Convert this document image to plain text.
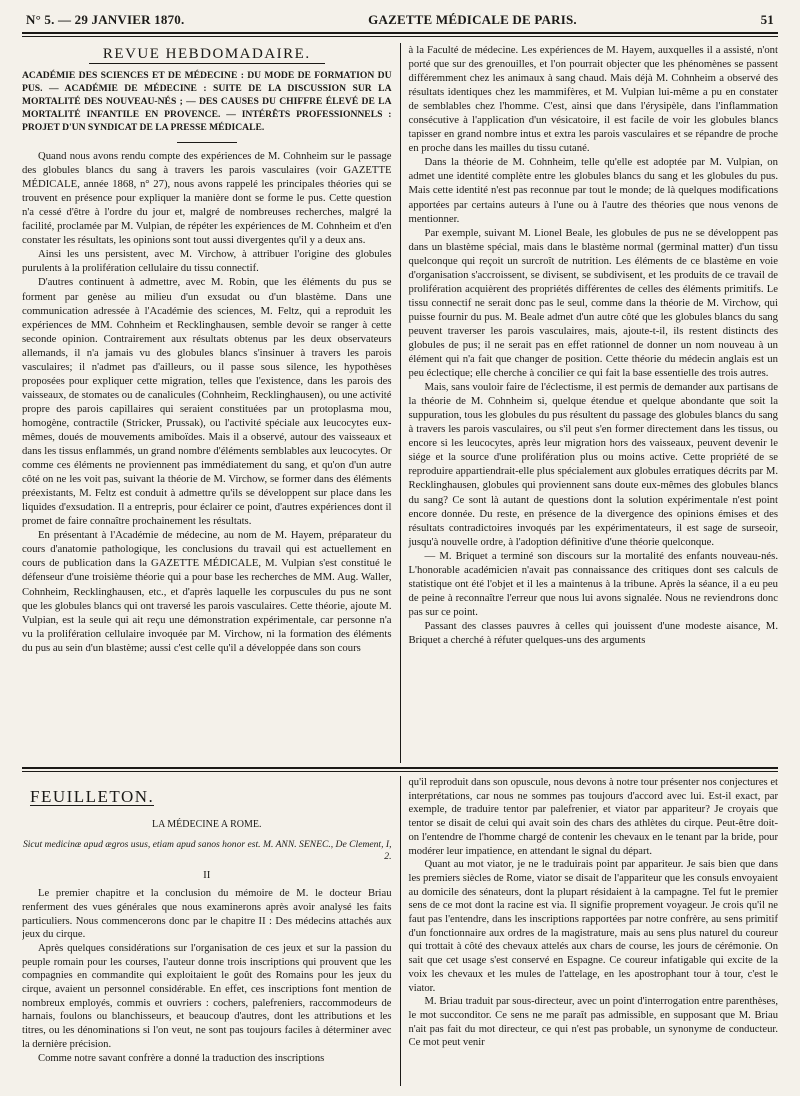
N° 5. — 29 JANVIER 1870.	GAZETTE MÉDICALE DE PARIS.	51
REVUE HEBDOMADAIRE.
ACADÉMIE DES SCIENCES ET DE MÉDECINE : DU MODE DE FORMATION DU PUS. — ACADÉMIE DE MÉDECINE : SUITE DE LA DISCUSSION SUR LA MORTALITÉ DES NOUVEAU-NÉS ; — DES CAUSES DU CHIFFRE ÉLEVÉ DE LA MORTALITÉ INFANTILE EN PROVENCE. — INTÉRÊTS PROFESSIONNELS : PROJET D'UN SYNDICAT DE LA PRESSE MÉDICALE.

Quand nous avons rendu compte des expériences de M. Cohnheim sur le passage des globules blancs du sang à travers les parois vasculaires (voir GAZETTE MÉDICALE, année 1868, n° 27), nous avons rappelé les principales théories qui se trouvent en présence pour expliquer la manière dont se forme le pus. Cette question n'a cessé d'être à l'ordre du jour et, malgré de nombreuses recherches, malgré la facilité, proclamée par M. Vulpian, de répéter les expériences de M. Cohnheim et d'en constater les résultats, les opinions sont tout aussi divergentes qu'il y a deux ans.

Ainsi les uns persistent, avec M. Virchow, à attribuer l'origine des globules purulents à la prolifération cellulaire du tissu connectif.

D'autres continuent à admettre, avec M. Robin, que les éléments du pus se forment par genèse au milieu d'un exsudat ou d'un blastème. Dans une communication adressée à l'Académie des sciences, M. Feltz, qui a reproduit les expériences de MM. Cohnheim et Recklinghausen, semble devoir se ranger à cette seconde opinion. Contrairement aux résultats obtenus par les deux observateurs allemands, il n'a jamais vu des globules blancs s'insinuer à travers les parois vasculaires; il n'admet pas d'ailleurs, ou il passe sous silence, les hypothèses proposées pour expliquer cette migration, telles que l'existence, dans les parois des vaisseaux, de stomates ou de canalicules (Cohnheim, Recklinghausen), ou une activité propre des parois capillaires qui seraient constituées par un protoplasma mou, homogène, contractile (Stricker, Prussak), ou l'activité spéciale aux leucocytes eux-mêmes, doués de mouvements amiboïdes. Mais il a observé, autour des vaisseaux et dans les tissus enflammés, un grand nombre d'éléments semblables aux leucocytes. Or comme ces éléments ne proviennent pas immédiatement du sang, et qu'on d'un autre côté on ne les voit pas, suivant la théorie de M. Virchow, se former dans des éléments préexistants, M. Feltz est conduit à admettre qu'ils se développent sur place dans les liquides d'exsudation. Il a entrepris, pour éclairer ce point, d'autres expériences dont il promet de faire connaître prochainement les résultats.

En présentant à l'Académie de médecine, au nom de M. Hayem, préparateur du cours d'anatomie pathologique, les conclusions du travail qui est actuellement en cours de publication dans la GAZETTE MÉDICALE, M. Vulpian s'est constitué le défenseur d'une troisième théorie qui a pour base les recherches de MM. Aug. Waller, Cohnheim, Recklinghausen, etc., et d'après laquelle les corpuscules du pus ne sont que les globules blancs qui ont traversé les parois vasculaires. Cette théorie, ajoute M. Vulpian, est la seule qui ait reçu une démonstration expérimentale, car personne n'a vu la prolifération cellulaire invoquée par M. Virchow, ni la formation des éléments du pus au sein d'un blastème; aussi c'est celle qu'il a développée dans son cours

à la Faculté de médecine. Les expériences de M. Hayem, auxquelles il a assisté, n'ont porté que sur des grenouilles, et l'on pourrait objecter que les phénomènes se passent différemment chez les animaux à sang chaud. Mais déjà M. Cohnheim a observé des résultats identiques chez les mammifères, et M. Vulpian lui-même a pu en constater de semblables chez l'homme. C'est, ainsi que dans l'érysipèle, dans l'inflammation consécutive à l'application d'un vésicatoire, il est facile de voir les globules blancs tapisser en grand nombre intus et extra les parois vasculaires et se répandre de proche en proche dans les mailles du tissu cutané.

Dans la théorie de M. Cohnheim, telle qu'elle est adoptée par M. Vulpian, on admet une identité complète entre les globules blancs du sang et les globules du pus. Mais cette identité n'est pas reconnue par tout le monde; de là quelques modifications apportées par certains auteurs à l'une ou à l'autre des théories que nous venons de mentionner.

Par exemple, suivant M. Lionel Beale, les globules de pus ne se développent pas dans un blastème spécial, mais dans le blastème normal (germinal matter) d'un tissu quelconque qui reçoit un surcroît de nutrition. Les éléments de ce blastème en voie d'organisation s'accroissent, se divisent, se subdivisent, et les produits de ce travail de prolifération acquièrent des propriétés différentes de celles des éléments primitifs. Le tissu connectif ne serait donc pas le seul, comme dans la théorie de M. Virchow, qui puisse fournir du pus. M. Beale admet d'un autre côté que les globules blancs du sang peuvent traverser les parois vasculaires, mais, ajoute-t-il, ils restent distincts des globules de pus; il ne serait pas en effet rationnel de donner un nom nouveau à un élément qui n'a fait que changer de position. Cette théorie du médecin anglais est un peu éclectique; elle cherche à concilier ce qui fait la base essentielle des trois autres.

Mais, sans vouloir faire de l'éclectisme, il est permis de demander aux partisans de la théorie de M. Cohnheim si, quelque étendue et quelque abondante que soit la suppuration, tous les globules du pus résultent du passage des globules blancs du sang à travers les parois vasculaires, ou s'il peut s'en former directement dans les tissus, ou encore si les leucocytes, après leur migration hors des vaisseaux, peuvent devenir le siége et la source d'une prolifération plus ou moins active. Cette propriété de se reproduire appartiendrait-elle plus spécialement aux globules erratiques décrits par M. Recklinghausen, globules qui proviennent sans doute eux-mêmes des globules blancs du sang? Ce sont là autant de questions dont la solution expérimentale n'est point encore donnée. Du reste, en présence de la divergence des opinions émises et des résultats contradictoires invoqués par les expérimentateurs, il est sage de surseoir, jusqu'à nouvelle ordre, à l'adoption définitive d'une théorie quelconque.

— M. Briquet a terminé son discours sur la mortalité des enfants nouveau-nés. L'honorable académicien n'avait pas connaissance des critiques dont ses calculs de statistique ont été l'objet et il les a maintenus à la tribune. Après la séance, il a eu peu de peine à reconnaître l'erreur que nous lui avons signalée. Nous ne reviendrons donc pas sur ce point.

Passant des classes pauvres à celles qui jouissent d'une modeste aisance, M. Briquet a cherché à réfuter quelques-uns des arguments

FEUILLETON.
LA MÉDECINE A ROME.
Sicut medicinæ apud ægros usus, etiam apud sanos honor est. M. ANN. SENEC., De Clement, I, 2.
II

Le premier chapitre et la conclusion du mémoire de M. le docteur Briau renferment des vues générales que nous examinerons après avoir analysé les faits particuliers. Nous commencerons donc par le chapitre II : Des médecins attachés aux jeux du cirque.

Après quelques considérations sur l'organisation de ces jeux et sur la passion du peuple romain pour les courses, l'auteur donne trois inscriptions qui prouvent que les compagnies en commandite qui exploitaient le goût des Romains pour les jeux du cirque, avaient un personnel considérable. En effet, ces inscriptions font mention de nombreux employés, commis et ouvriers : cochers, palefreniers, raccommodeurs de harnais, foulons ou blanchisseurs, et beaucoup d'autres, dont les attributions et les titres, ou les dénominations si l'on veut, ne sont pas toujours faciles à déterminer avec la dernière précision.

Comme notre savant confrère a donné la traduction des inscriptions

qu'il reproduit dans son opuscule, nous devons à notre tour présenter nos conjectures et interprétations, car nous ne sommes pas toujours d'accord avec lui. Est-il exact, par exemple, de traduire tentor par palefrenier, et viator par appariteur? Je croyais que tentor se disait de celui qui avait soin des chars des athlètes du cirque. Peut-être doit-on l'entendre de l'homme chargé de contenir les chevaux en le tenant par la bride, pour modérer leur impatience, en attendant le signal du départ.

Quant au mot viator, je ne le traduirais point par appariteur. Je sais bien que dans les premiers siècles de Rome, viator se disait de l'appariteur que les consuls envoyaient au domicile des sénateurs, dont la plupart résidaient à la campagne. Tel fut le premier sens de ce mot dont la racine est via. Il signifie proprement voyageur. Je crois qu'il ne faut pas l'entendre, dans les inscriptions rapportées par notre confrère, au sens primitif d'un fonctionnaire aux ordres de la magistrature, mais au sens plus naturel du coureur qui trottait à côté des chevaux attelés aux chars de course, les jours de cérémonie. On sait que cet usage s'est conservé en Espagne. Ce coureur infatigable qui excite de la voix les chevaux et les mules de l'attelage, en les apostrophant tour à tour, c'est le viator.

M. Briau traduit par sous-directeur, avec un point d'interrogation entre parenthèses, le mot succonditor. Ce sens ne me paraît pas admissible, en supposant que M. Briau n'ait pas fait du mot directeur, ce qui n'est pas probable, un synonyme de conducteur. Ce mot peut venir
